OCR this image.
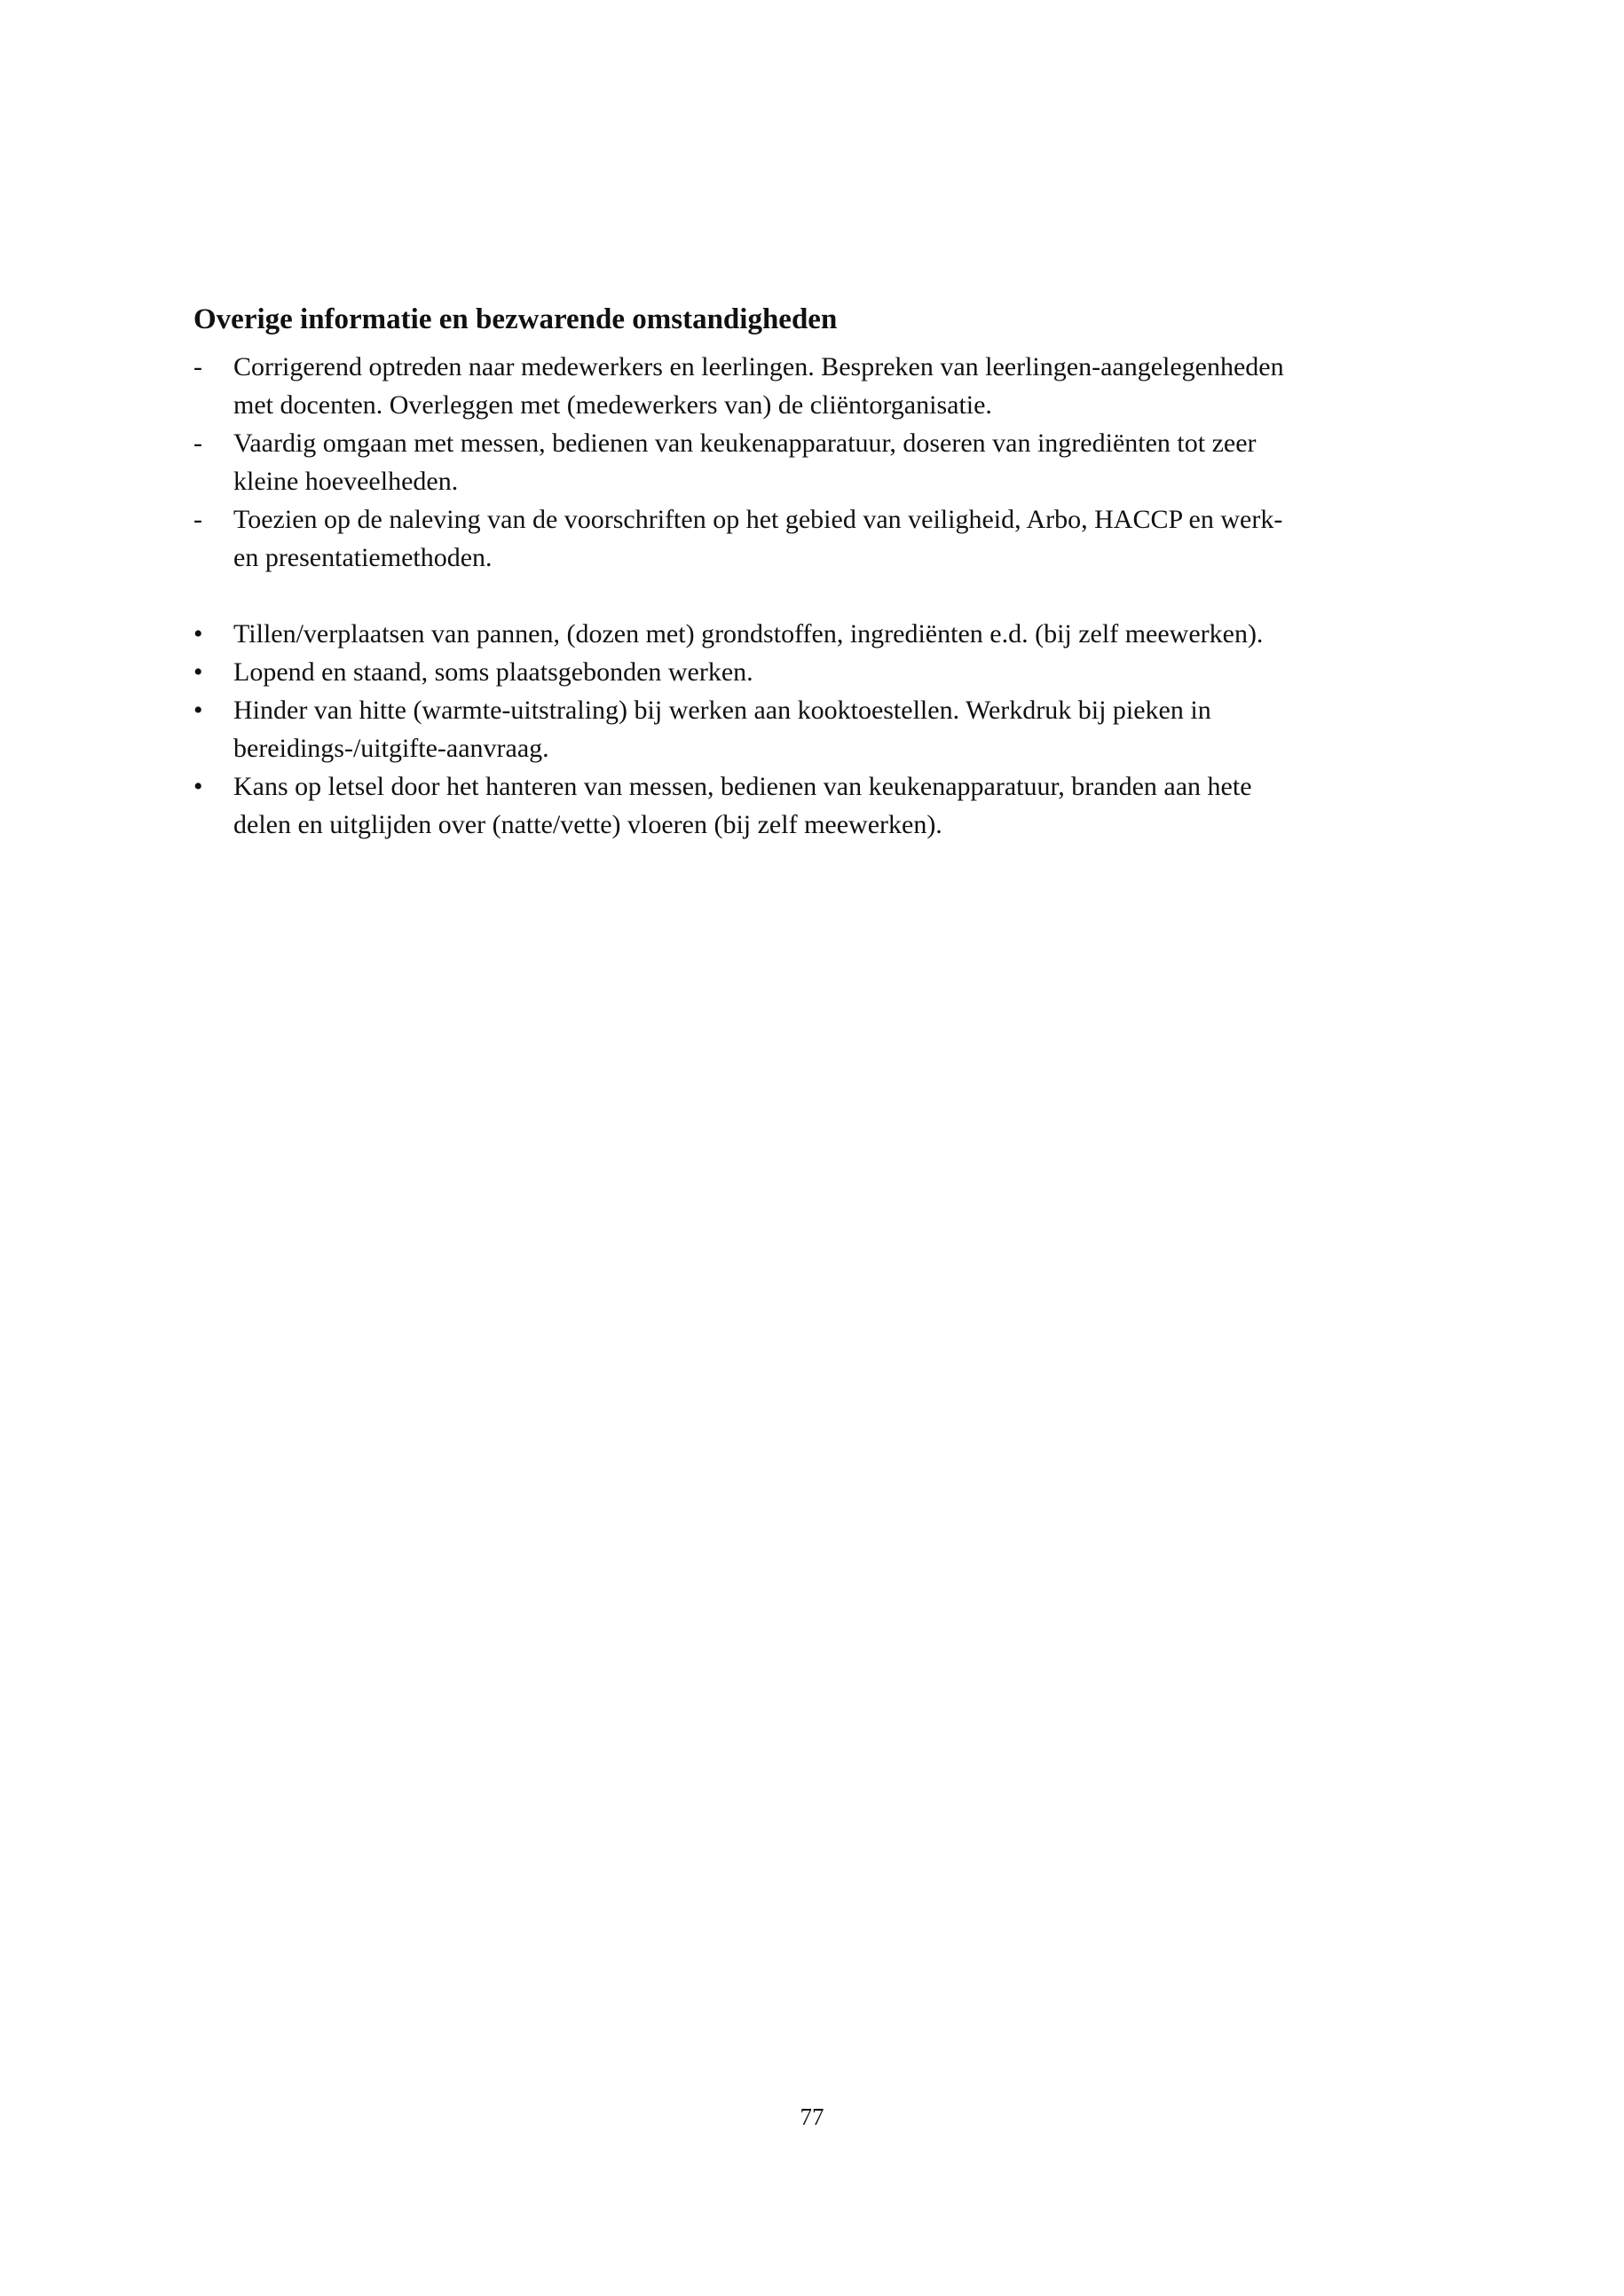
Overige informatie en bezwarende omstandigheden
-	Corrigerend optreden naar medewerkers en leerlingen. Bespreken van leerlingen-aangelegenheden
met docenten. Overleggen met (medewerkers van) de cliëntorganisatie.
-	Vaardig omgaan met messen, bedienen van keukenapparatuur, doseren van ingrediënten tot zeer
kleine hoeveelheden.
-	Toezien op de naleving van de voorschriften op het gebied van veiligheid, Arbo, HACCP en werk-
en presentatiemethoden.
•	Tillen/verplaatsen van pannen, (dozen met) grondstoffen, ingrediënten e.d. (bij zelf meewerken).
•	Lopend en staand, soms plaatsgebonden werken.
•	Hinder van hitte (warmte-uitstraling) bij werken aan kooktoestellen. Werkdruk bij pieken in
bereidings-/uitgifte-aanvraag.
•	Kans op letsel door het hanteren van messen, bedienen van keukenapparatuur, branden aan hete
delen en uitglijden over (natte/vette) vloeren (bij zelf meewerken).
77
